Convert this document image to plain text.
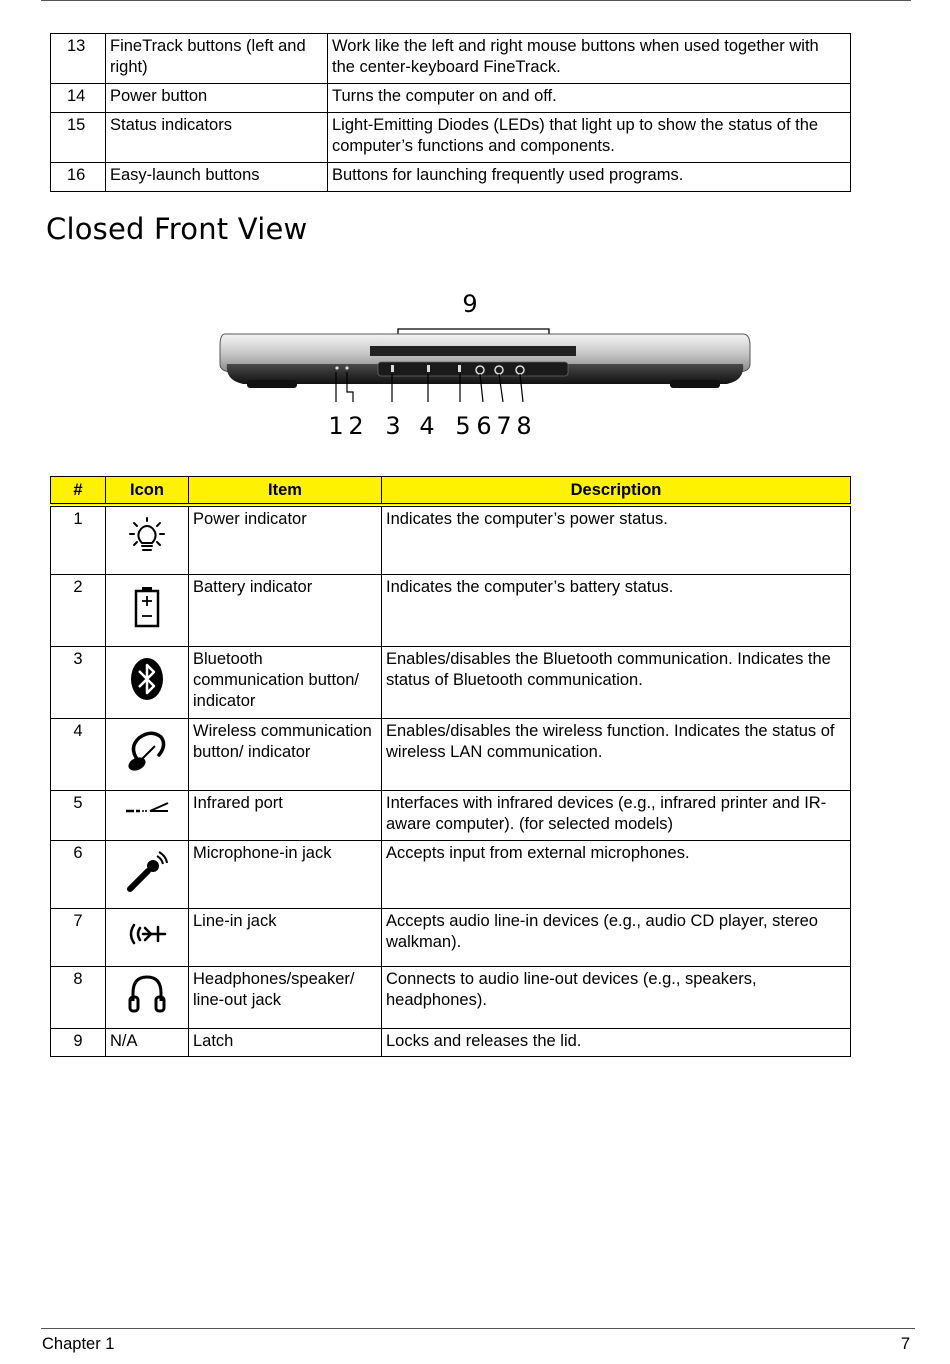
13	FineTrack buttons (left and right)	Work like the left and right mouse buttons when used together with the center-keyboard FineTrack.
14	Power button	Turns the computer on and off.
15	Status indicators	Light-Emitting Diodes (LEDs) that light up to show the status of the computer’s functions and components.
16	Easy-launch buttons	Buttons for launching frequently used programs.
Closed Front View
9
1 2 3 4 5 6 7 8
#	Icon	Item	Description
1		Power indicator	Indicates the computer’s power status.
2		Battery indicator	Indicates the computer’s battery status.
3		Bluetooth communication button/ indicator	Enables/disables the Bluetooth communication. Indicates the status of Bluetooth communication.
4		Wireless communication button/ indicator	Enables/disables the wireless function. Indicates the status of wireless LAN communication.
5		Infrared port	Interfaces with infrared devices (e.g., infrared printer and IR-aware computer). (for selected models)
6		Microphone-in jack	Accepts input from external microphones.
7		Line-in jack	Accepts audio line-in devices (e.g., audio CD player, stereo walkman).
8		Headphones/speaker/ line-out jack	Connects to audio line-out devices (e.g., speakers, headphones).
9	N/A	Latch	Locks and releases the lid.
Chapter 1	7
